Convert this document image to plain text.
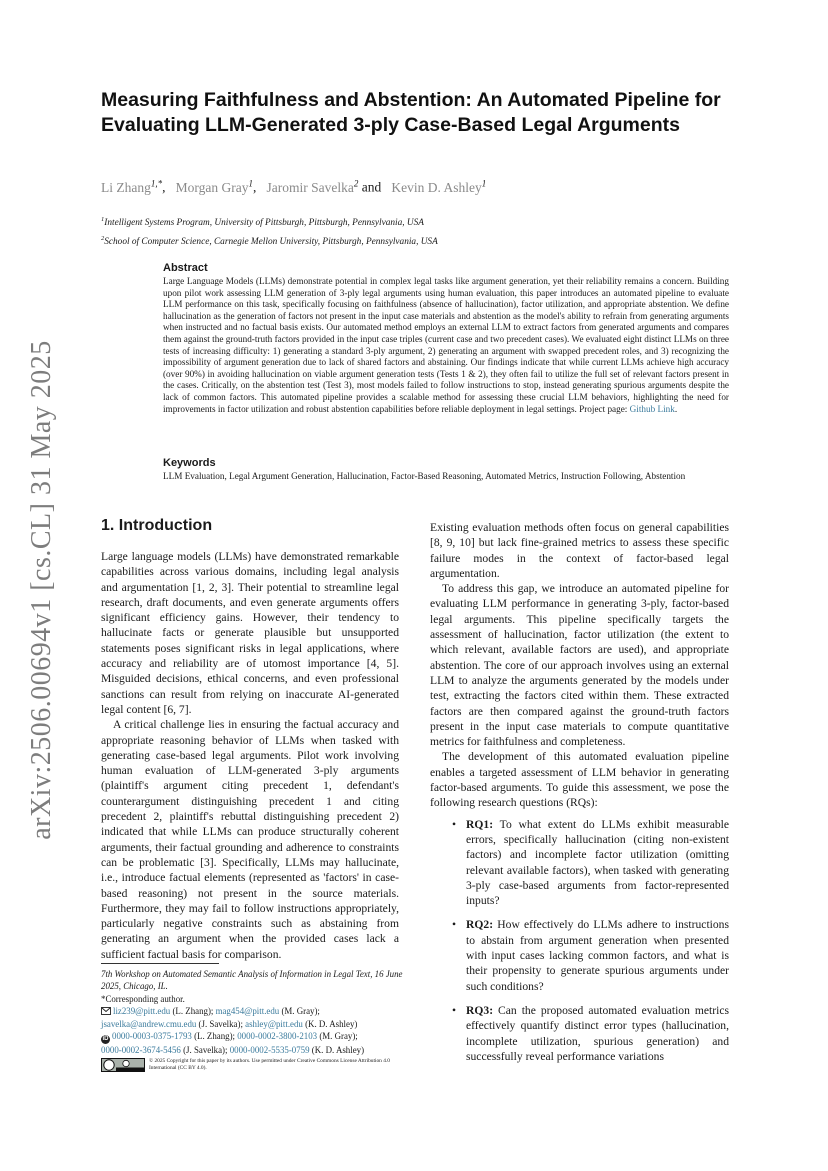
arXiv:2506.00694v1 [cs.CL] 31 May 2025
Measuring Faithfulness and Abstention: An Automated Pipeline for Evaluating LLM-Generated 3-ply Case-Based Legal Arguments
Li Zhang$^{1,*}$,   Morgan Gray$^1$,   Jaromir Savelka$^2$ and   Kevin D. Ashley$^1$
$^1$Intelligent Systems Program, University of Pittsburgh, Pittsburgh, Pennsylvania, USA
$^2$School of Computer Science, Carnegie Mellon University, Pittsburgh, Pennsylvania, USA
Abstract

Large Language Models (LLMs) demonstrate potential in complex legal tasks like argument generation, yet their reliability remains a concern. Building upon pilot work assessing LLM generation of 3-ply legal arguments using human evaluation, this paper introduces an automated pipeline to evaluate LLM performance on this task, specifically focusing on faithfulness (absence of hallucination), factor utilization, and appropriate abstention. We define hallucination as the generation of factors not present in the input case materials and abstention as the model's ability to refrain from generating arguments when instructed and no factual basis exists. Our automated method employs an external LLM to extract factors from generated arguments and compares them against the ground-truth factors provided in the input case triples (current case and two precedent cases). We evaluated eight distinct LLMs on three tests of increasing difficulty: 1) generating a standard 3-ply argument, 2) generating an argument with swapped precedent roles, and 3) recognizing the impossibility of argument generation due to lack of shared factors and abstaining. Our findings indicate that while current LLMs achieve high accuracy (over 90%) in avoiding hallucination on viable argument generation tests (Tests 1 & 2), they often fail to utilize the full set of relevant factors present in the cases. Critically, on the abstention test (Test 3), most models failed to follow instructions to stop, instead generating spurious arguments despite the lack of common factors. This automated pipeline provides a scalable method for assessing these crucial LLM behaviors, highlighting the need for improvements in factor utilization and robust abstention capabilities before reliable deployment in legal settings. Project page: Github Link.

Keywords

LLM Evaluation, Legal Argument Generation, Hallucination, Factor-Based Reasoning, Automated Metrics, Instruction Following, Abstention

1. Introduction

Large language models (LLMs) have demonstrated remarkable capabilities across various domains, including legal analysis and argumentation [1, 2, 3]. Their potential to streamline legal research, draft documents, and even generate arguments offers significant efficiency gains. However, their tendency to hallucinate facts or generate plausible but unsupported statements poses significant risks in legal applications, where accuracy and reliability are of utomost importance [4, 5]. Misguided decisions, ethical concerns, and even professional sanctions can result from relying on inaccurate AI-generated legal content [6, 7].

A critical challenge lies in ensuring the factual accuracy and appropriate reasoning behavior of LLMs when tasked with generating case-based legal arguments. Pilot work involving human evaluation of LLM-generated 3-ply arguments (plaintiff's argument citing precedent 1, defendant's counterargument distinguishing precedent 1 and citing precedent 2, plaintiff's rebuttal distinguishing precedent 2) indicated that while LLMs can produce structurally coherent arguments, their factual grounding and adherence to constraints can be problematic [3]. Specifically, LLMs may hallucinate, i.e., introduce factual elements (represented as 'factors' in case-based reasoning) not present in the source materials. Furthermore, they may fail to follow instructions appropriately, particularly negative constraints such as abstaining from generating an argument when the provided cases lack a sufficient factual basis for comparison.

Existing evaluation methods often focus on general capabilities [8, 9, 10] but lack fine-grained metrics to assess these specific failure modes in the context of factor-based legal argumentation.

To address this gap, we introduce an automated pipeline for evaluating LLM performance in generating 3-ply, factor-based legal arguments. This pipeline specifically targets the assessment of hallucination, factor utilization (the extent to which relevant, available factors are used), and appropriate abstention. The core of our approach involves using an external LLM to analyze the arguments generated by the models under test, extracting the factors cited within them. These extracted factors are then compared against the ground-truth factors present in the input case materials to compute quantitative metrics for faithfulness and completeness.

The development of this automated evaluation pipeline enables a targeted assessment of LLM behavior in generating factor-based arguments. To guide this assessment, we pose the following research questions (RQs):

• RQ1: To what extent do LLMs exhibit measurable errors, specifically hallucination (citing non-existent factors) and incomplete factor utilization (omitting relevant available factors), when tasked with generating 3-ply case-based arguments from factor-represented inputs?
• RQ2: How effectively do LLMs adhere to instructions to abstain from argument generation when presented with input cases lacking common factors, and what is their propensity to generate spurious arguments under such conditions?
• RQ3: Can the proposed automated evaluation metrics effectively quantify distinct error types (hallucination, incomplete utilization, spurious generation) and successfully reveal performance variations

7th Workshop on Automated Semantic Analysis of Information in Legal Text, 16 June 2025, Chicago, IL.

*Corresponding author.

liz239@pitt.edu (L. Zhang); mag454@pitt.edu (M. Gray);
jsavelka@andrew.cmu.edu (J. Savelka); ashley@pitt.edu (K. D. Ashley)

iD 0000-0003-0375-1793 (L. Zhang); 0000-0002-3800-2103 (M. Gray);
0000-0002-3674-5456 (J. Savelka); 0000-0002-5535-0759 (K. D. Ashley)

© 2025 Copyright for this paper by its authors. Use permitted under Creative Commons License Attribution 4.0 International (CC BY 4.0).
